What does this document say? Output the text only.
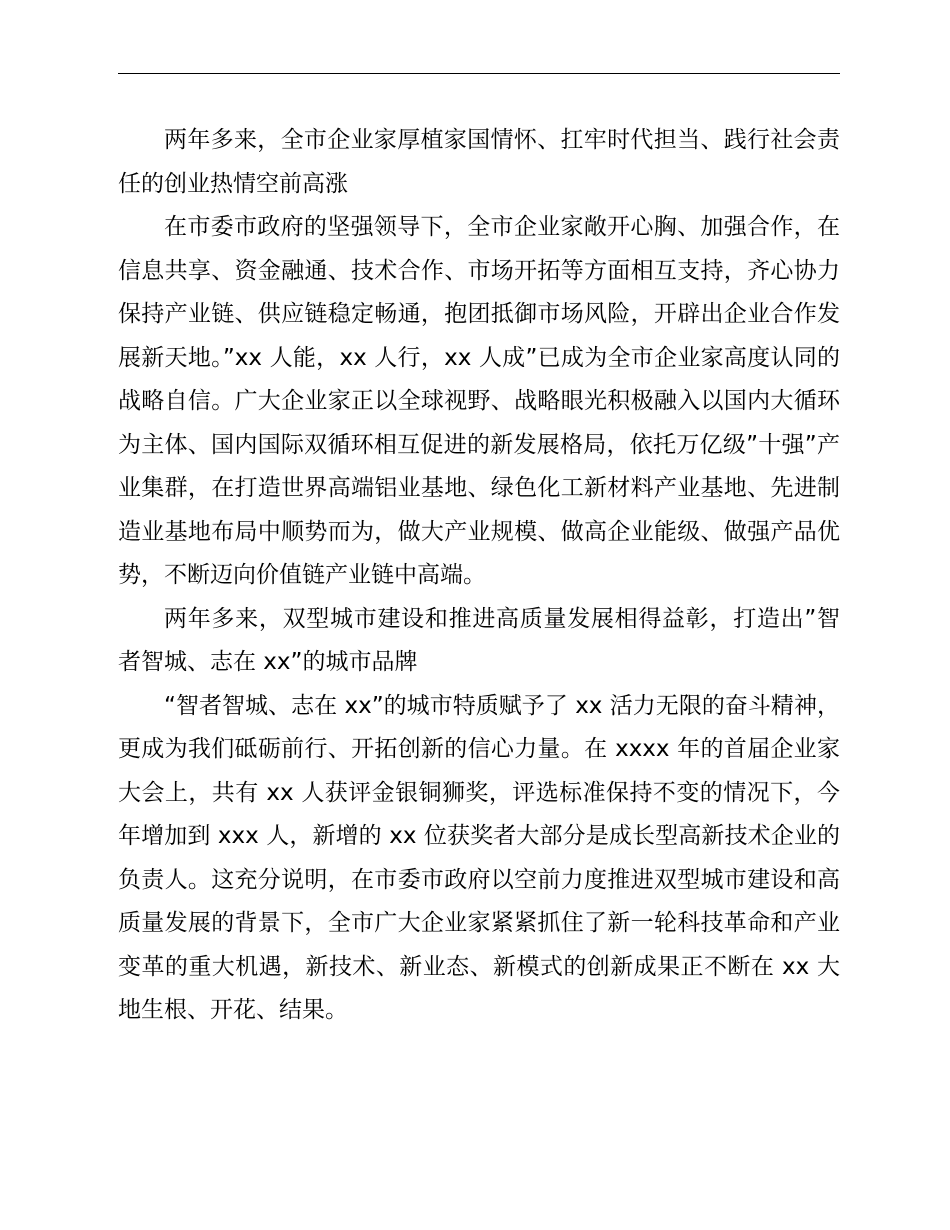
两年多来，全市企业家厚植家国情怀、扛牢时代担当、践行社会责任的创业热情空前高涨

在市委市政府的坚强领导下，全市企业家敞开心胸、加强合作，在信息共享、资金融通、技术合作、市场开拓等方面相互支持，齐心协力保持产业链、供应链稳定畅通，抱团抵御市场风险，开辟出企业合作发展新天地。”xx 人能，xx 人行，xx 人成”已成为全市企业家高度认同的战略自信。广大企业家正以全球视野、战略眼光积极融入以国内大循环为主体、国内国际双循环相互促进的新发展格局，依托万亿级”十强”产业集群，在打造世界高端铝业基地、绿色化工新材料产业基地、先进制造业基地布局中顺势而为，做大产业规模、做高企业能级、做强产品优势，不断迈向价值链产业链中高端。

两年多来，双型城市建设和推进高质量发展相得益彰，打造出”智者智城、志在 xx”的城市品牌

“智者智城、志在 xx”的城市特质赋予了 xx 活力无限的奋斗精神，更成为我们砥砺前行、开拓创新的信心力量。在 xxxx 年的首届企业家大会上，共有 xx 人获评金银铜狮奖，评选标准保持不变的情况下，今年增加到 xxx 人，新增的 xx 位获奖者大部分是成长型高新技术企业的负责人。这充分说明，在市委市政府以空前力度推进双型城市建设和高质量发展的背景下，全市广大企业家紧紧抓住了新一轮科技革命和产业变革的重大机遇，新技术、新业态、新模式的创新成果正不断在 xx 大地生根、开花、结果。
